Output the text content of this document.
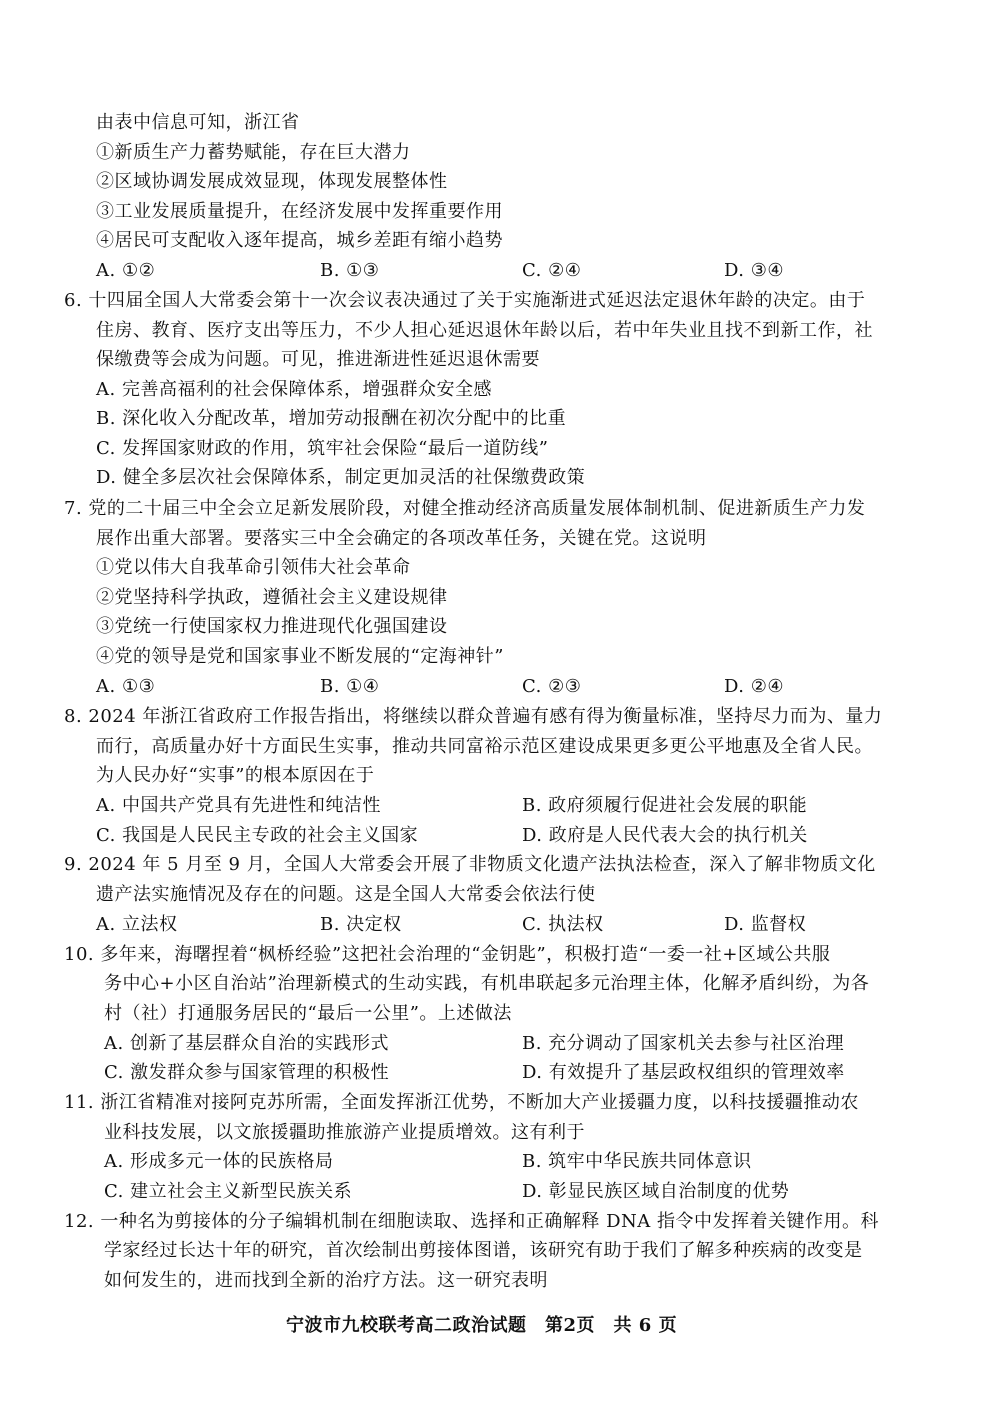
由表中信息可知，浙江省
①新质生产力蓄势赋能，存在巨大潜力
②区域协调发展成效显现，体现发展整体性
③工业发展质量提升，在经济发展中发挥重要作用
④居民可支配收入逐年提高，城乡差距有缩小趋势
A. ①②	B. ①③	C. ②④	D. ③④
6. 十四届全国人大常委会第十一次会议表决通过了关于实施渐进式延迟法定退休年龄的决定。由于
住房、教育、医疗支出等压力，不少人担心延迟退休年龄以后，若中年失业且找不到新工作，社
保缴费等会成为问题。可见，推进渐进性延迟退休需要
A. 完善高福利的社会保障体系，增强群众安全感
B. 深化收入分配改革，增加劳动报酬在初次分配中的比重
C. 发挥国家财政的作用，筑牢社会保险“最后一道防线”
D. 健全多层次社会保障体系，制定更加灵活的社保缴费政策
7. 党的二十届三中全会立足新发展阶段，对健全推动经济高质量发展体制机制、促进新质生产力发
展作出重大部署。要落实三中全会确定的各项改革任务，关键在党。这说明
①党以伟大自我革命引领伟大社会革命
②党坚持科学执政，遵循社会主义建设规律
③党统一行使国家权力推进现代化强国建设
④党的领导是党和国家事业不断发展的“定海神针”
A. ①③	B. ①④	C. ②③	D. ②④
8. 2024 年浙江省政府工作报告指出，将继续以群众普遍有感有得为衡量标准，坚持尽力而为、量力
而行，高质量办好十方面民生实事，推动共同富裕示范区建设成果更多更公平地惠及全省人民。
为人民办好“实事”的根本原因在于
A. 中国共产党具有先进性和纯洁性	B. 政府须履行促进社会发展的职能
C. 我国是人民民主专政的社会主义国家	D. 政府是人民代表大会的执行机关
9. 2024 年 5 月至 9 月，全国人大常委会开展了非物质文化遗产法执法检查，深入了解非物质文化
遗产法实施情况及存在的问题。这是全国人大常委会依法行使
A. 立法权	B. 决定权	C. 执法权	D. 监督权
10. 多年来，海曙捏着“枫桥经验”这把社会治理的“金钥匙”，积极打造“一委一社+区域公共服
务中心+小区自治站”治理新模式的生动实践，有机串联起多元治理主体，化解矛盾纠纷，为各
村（社）打通服务居民的“最后一公里”。上述做法
A. 创新了基层群众自治的实践形式	B. 充分调动了国家机关去参与社区治理
C. 激发群众参与国家管理的积极性	D. 有效提升了基层政权组织的管理效率
11. 浙江省精准对接阿克苏所需，全面发挥浙江优势，不断加大产业援疆力度，以科技援疆推动农
业科技发展，以文旅援疆助推旅游产业提质增效。这有利于
A. 形成多元一体的民族格局	B. 筑牢中华民族共同体意识
C. 建立社会主义新型民族关系	D. 彰显民族区域自治制度的优势
12. 一种名为剪接体的分子编辑机制在细胞读取、选择和正确解释 DNA 指令中发挥着关键作用。科
学家经过长达十年的研究，首次绘制出剪接体图谱，该研究有助于我们了解多种疾病的改变是
如何发生的，进而找到全新的治疗方法。这一研究表明
宁波市九校联考高二政治试题　第2页　共 6 页
